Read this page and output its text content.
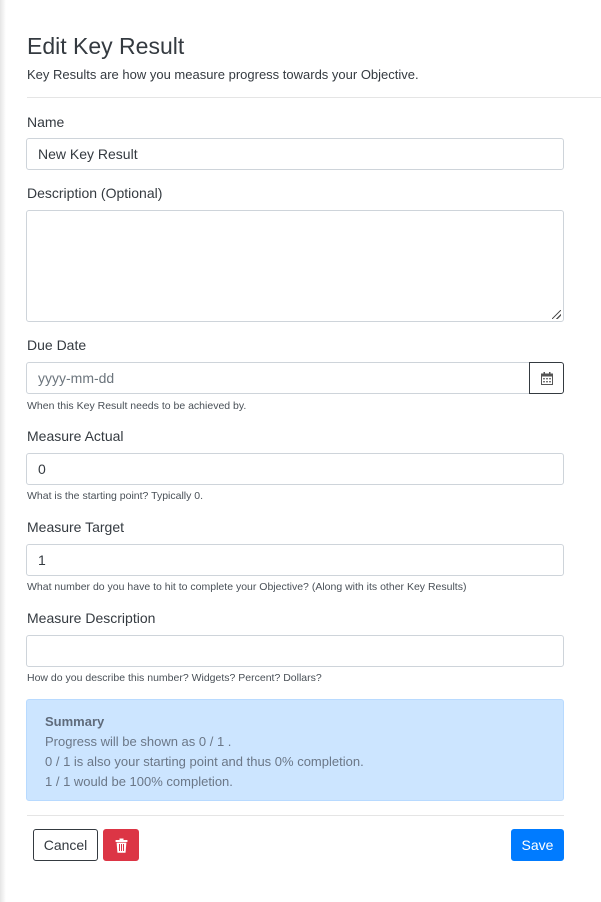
Edit Key Result
Key Results are how you measure progress towards your Objective.
Name
New Key Result
Description (Optional)
Due Date
yyyy-mm-dd
When this Key Result needs to be achieved by.
Measure Actual
0
What is the starting point? Typically 0.
Measure Target
1
What number do you have to hit to complete your Objective? (Along with its other Key Results)
Measure Description
How do you describe this number? Widgets? Percent? Dollars?
Summary
Progress will be shown as 0 / 1 .
0 / 1 is also your starting point and thus 0% completion.
1 / 1 would be 100% completion.
Cancel	Save
